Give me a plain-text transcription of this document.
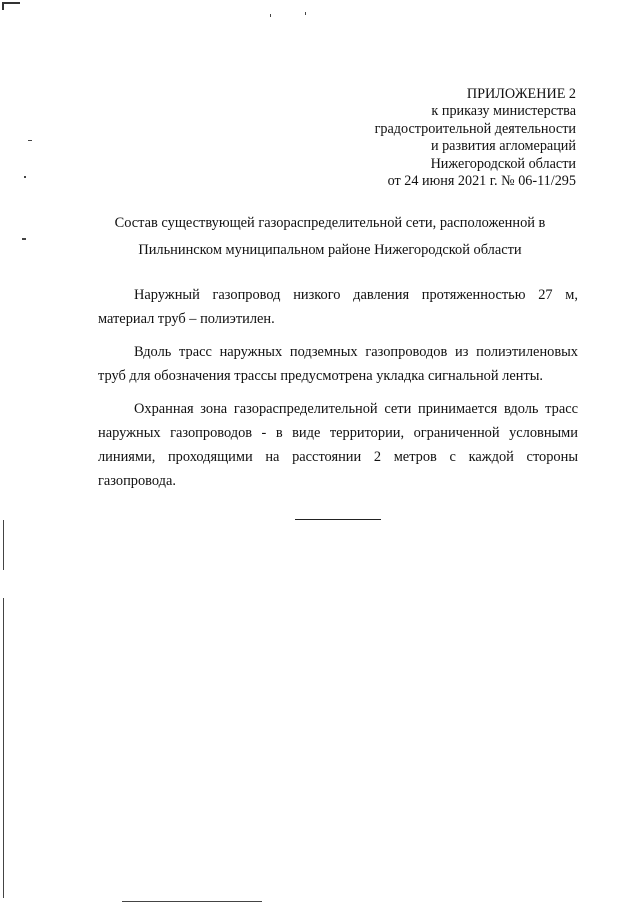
ПРИЛОЖЕНИЕ 2
к приказу министерства
градостроительной деятельности
и развития агломераций
Нижегородской области
от 24 июня 2021 г. № 06-11/295
Состав существующей газораспределительной сети, расположенной в
Пильнинском муниципальном районе Нижегородской области

Наружный газопровод низкого давления протяженностью 27 м, материал труб – полиэтилен.

Вдоль трасс наружных подземных газопроводов из полиэтиленовых труб для обозначения трассы предусмотрена укладка сигнальной ленты.

Охранная зона газораспределительной сети принимается вдоль трасс наружных газопроводов - в виде территории, ограниченной условными линиями, проходящими на расстоянии 2 метров с каждой стороны газопровода.
